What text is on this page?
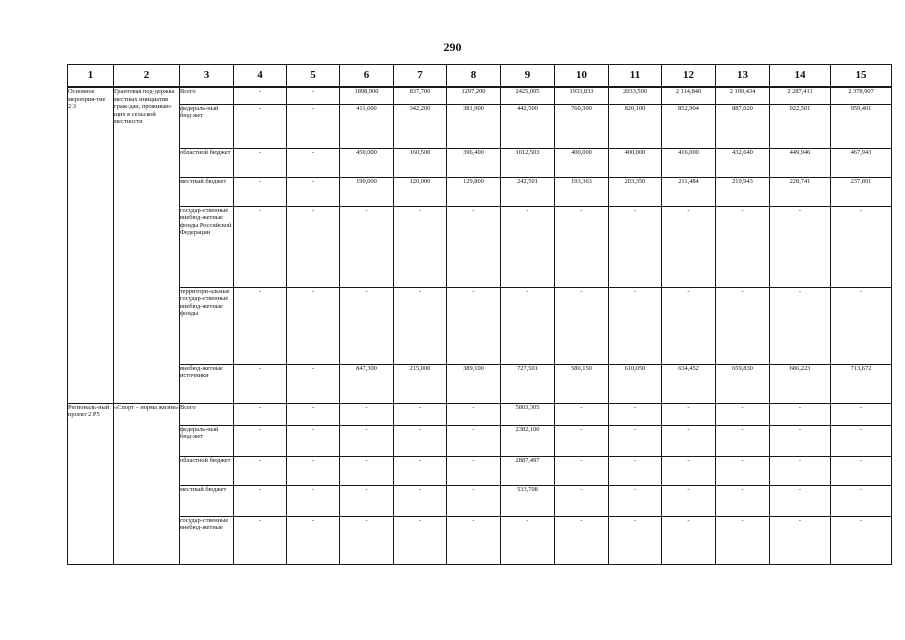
290
1	2	3	4	5	6	7	8	9	10	11	12	13	14	15
Основное мероприя-тие 2.3	Грантовая под-держка местных инициатив граж-дан, проживаю-щих в сельской местности	Всего	-	-	1898,900	837,700	1297,200	2425,005	1933,833	2033,500	2 114,840	2 199,434	2 287,411	2 378,907
		федераль-ный бюд-жет	-	-	411,600	342,200	381,900	442,500	760,300	820,100	852,904	887,020	922,501	959,401
		областной бюджет	-	-	450,000	160,500	396,400	1012,503	400,000	400,000	416,000	432,640	449,946	467,943
		местный бюджет	-	-	190,000	120,000	129,800	242,501	193,363	203,350	211,484	219,943	228,741	237,891
		государ-ственные внебюд-жетные фонды Российской Федерации	-	-	-	-	-	-	-	-	-	-	-	-
		территори-альные государ-ственные внебюд-жетные фонды	-	-	-	-	-	-	-	-	-	-	-	-
		внебюд-жетные источники	-	-	847,300	215,000	389,100	727,501	580,150	610,050	634,452	659,830	686,223	713,672
Региональ-ный проект 2 Р5	«Спорт – норма жизни»	Всего	-	-	-	-	-	5803,305	-	-	-	-	-	-
		федераль-ный бюд-жет	-	-	-	-	-	2382,100	-	-	-	-	-	-
		областной бюджет	-	-	-	-	-	2887,497	-	-	-	-	-	-
		местный бюджет	-	-	-	-	-	533,708	-	-	-	-	-	-
		государ-ственные внебюд-жетные	-	-	-	-	-	-	-	-	-	-	-	-
